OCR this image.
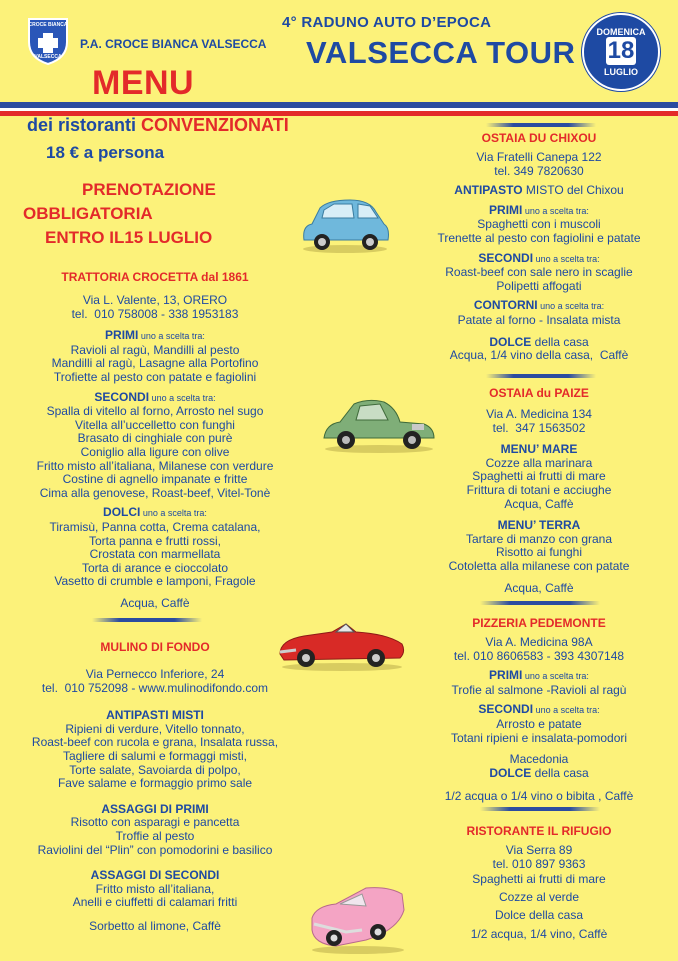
CROCE BIANCA
VALSECCA
P.A. CROCE BIANCA VALSECCA
4° RADUNO AUTO D’EPOCA
VALSECCA TOUR
DOMENICA
18
LUGLIO
MENU
dei ristoranti CONVENZIONATI
18 € a persona
PRENOTAZIONE
OBBLIGATORIA
ENTRO IL15 LUGLIO
TRATTORIA CROCETTA dal 1861
Via L. Valente, 13, ORERO
tel.  010 758008 - 338 1953183
PRIMI uno a scelta tra:
Ravioli al ragù, Mandilli al pesto
Mandilli al ragù, Lasagne alla Portofino
Trofiette al pesto con patate e fagiolini
SECONDI uno a scelta tra:
Spalla di vitello al forno, Arrosto nel sugo
Vitella all’uccelletto con funghi
Brasato di cinghiale con purè
Coniglio alla ligure con olive
Fritto misto all’italiana, Milanese con verdure
Costine di agnello impanate e fritte
Cima alla genovese, Roast-beef, Vitel-Tonè
DOLCI uno a scelta tra:
Tiramisù, Panna cotta, Crema catalana,
Torta panna e frutti rossi,
Crostata con marmellata
Torta di arance e cioccolato
Vasetto di crumble e lamponi, Fragole
Acqua, Caffè
MULINO DI FONDO
Via Pernecco Inferiore, 24
tel.  010 752098 - www.mulinodifondo.com
ANTIPASTI MISTI
Ripieni di verdure, Vitello tonnato,
Roast-beef con rucola e grana, Insalata russa,
Tagliere di salumi e formaggi misti,
Torte salate, Savoiarda di polpo,
Fave salame e formaggio primo sale
ASSAGGI DI PRIMI
Risotto con asparagi e pancetta
Troffie al pesto
Raviolini del “Plin” con pomodorini e basilico
ASSAGGI DI SECONDI
Fritto misto all’italiana,
Anelli e ciuffetti di calamari fritti
Sorbetto al limone, Caffè
OSTAIA DU CHIXOU
Via Fratelli Canepa 122
tel. 349 7820630
ANTIPASTO MISTO del Chixou
PRIMI uno a scelta tra:
Spaghetti con i muscoli
Trenette al pesto con fagiolini e patate
SECONDI uno a scelta tra:
Roast-beef con sale nero in scaglie
Polipetti affogati
CONTORNI uno a scelta tra:
Patate al forno - Insalata mista
DOLCE della casa
Acqua, 1/4 vino della casa,  Caffè
OSTAIA du PAIZE
Via A. Medicina 134
tel.  347 1563502
MENU’ MARE
Cozze alla marinara
Spaghetti ai frutti di mare
Frittura di totani e acciughe
Acqua, Caffè
MENU’ TERRA
Tartare di manzo con grana
Risotto ai funghi
Cotoletta alla milanese con patate
Acqua, Caffè
PIZZERIA PEDEMONTE
Via A. Medicina 98A
tel. 010 8606583 - 393 4307148
PRIMI uno a scelta tra:
Trofie al salmone -Ravioli al ragù
SECONDI uno a scelta tra:
Arrosto e patate
Totani ripieni e insalata-pomodori
Macedonia
DOLCE della casa
1/2 acqua o 1/4 vino o bibita , Caffè
RISTORANTE IL RIFUGIO
Via Serra 89
tel. 010 897 9363
Spaghetti ai frutti di mare
Cozze al verde
Dolce della casa
1/2 acqua, 1/4 vino, Caffè
